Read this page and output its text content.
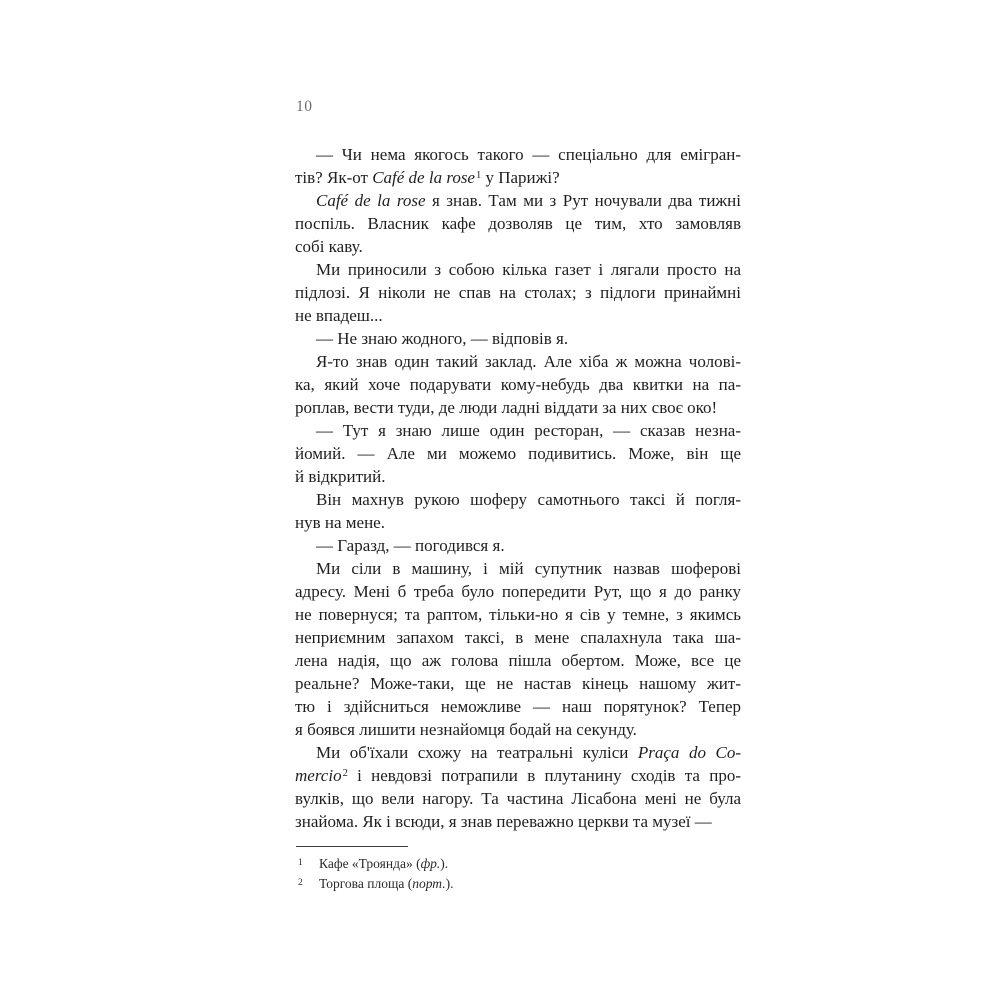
10
— Чи нема якогось такого — спеціально для емігран-
тів? Як-от Café de la rose$^1$ у Парижі?
Café de la rose я знав. Там ми з Рут ночували два тижні
поспіль. Власник кафе дозволяв це тим, хто замовляв
собі каву.
Ми приносили з собою кілька газет і лягали просто на
підлозі. Я ніколи не спав на столах; з підлоги принаймні
не впадеш...
— Не знаю жодного, — відповів я.
Я-то знав один такий заклад. Але хіба ж можна чолові-
ка, який хоче подарувати кому-небудь два квитки на па-
роплав, вести туди, де люди ладні віддати за них своє око!
— Тут я знаю лише один ресторан, — сказав незна-
йомий. — Але ми можемо подивитись. Може, він ще
й відкритий.
Він махнув рукою шоферу самотнього таксі й погля-
нув на мене.
— Гаразд, — погодився я.
Ми сіли в машину, і мій супутник назвав шоферові
адресу. Мені б треба було попередити Рут, що я до ранку
не повернуся; та раптом, тільки-но я сів у темне, з якимсь
неприємним запахом таксі, в мене спалахнула така ша-
лена надія, що аж голова пішла обертом. Може, все це
реальне? Може-таки, ще не настав кінець нашому жит-
тю і здійсниться неможливе — наш порятунок? Тепер
я боявся лишити незнайомця бодай на секунду.
Ми об'їхали схожу на театральні куліси Praça do Co-
mercio$^2$ і невдовзі потрапили в плутанину сходів та про-
вулків, що вели нагору. Та частина Лісабона мені не була
знайома. Як і всюди, я знав переважно церкви та музеї —
1	Кафе «Троянда» (фр.).
2	Торгова площа (порт.).
